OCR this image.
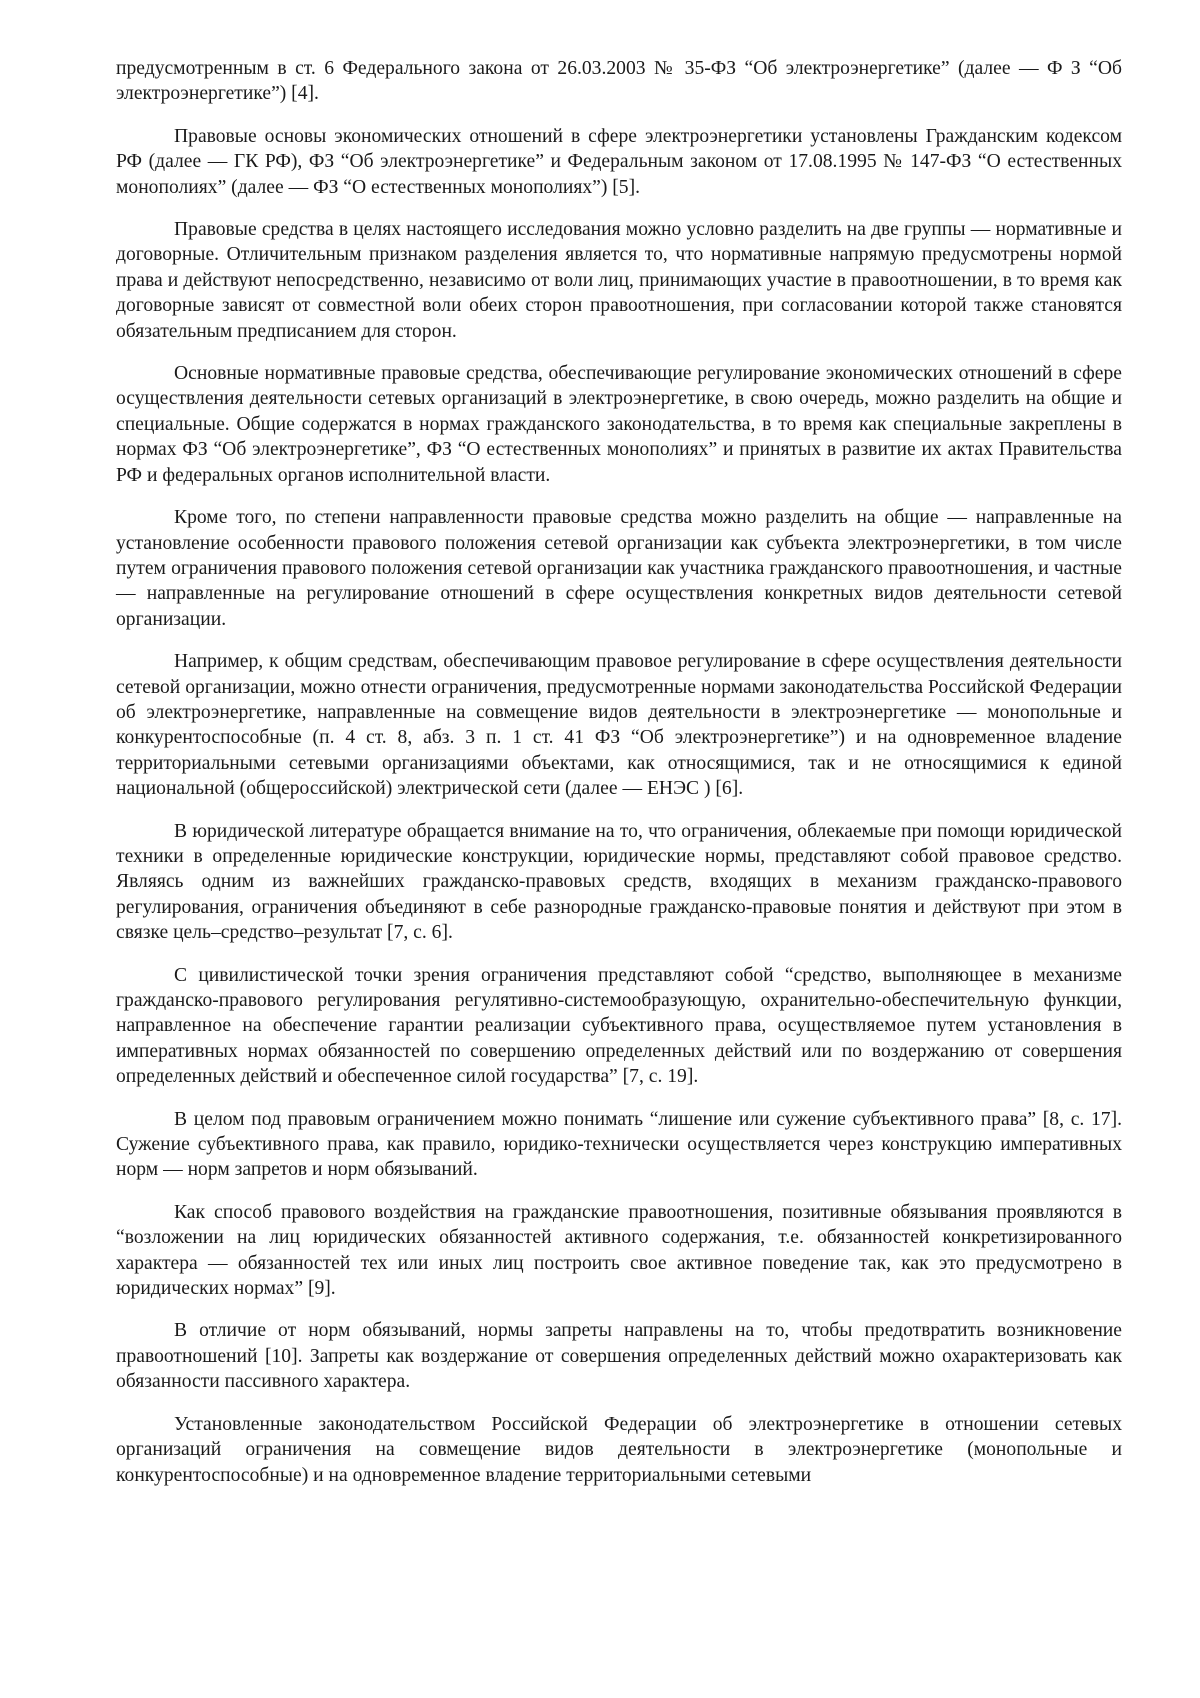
предусмотренным в ст. 6 Федерального закона от 26.03.2003 № 35-ФЗ “Об электроэнергетике” (далее — Ф З “Об электроэнергетике”) [4].

Правовые основы экономических отношений в сфере электроэнергетики установлены Гражданским кодексом РФ (далее — ГК РФ), ФЗ “Об электроэнергетике” и Федеральным законом от 17.08.1995 № 147-ФЗ “О естественных монополиях” (далее — ФЗ “О естественных монополиях”) [5].

Правовые средства в целях настоящего исследования можно условно разделить на две группы — нормативные и договорные. Отличительным признаком разделения является то, что нормативные напрямую предусмотрены нормой права и действуют непосредственно, независимо от воли лиц, принимающих участие в правоотношении, в то время как договорные зависят от совместной воли обеих сторон правоотношения, при согласовании которой также становятся обязательным предписанием для сторон.

Основные нормативные правовые средства, обеспечивающие регулирование экономических отношений в сфере осуществления деятельности сетевых организаций в электроэнергетике, в свою очередь, можно разделить на общие и специальные. Общие содержатся в нормах гражданского законодательства, в то время как специальные закреплены в нормах ФЗ “Об электроэнергетике”, ФЗ “О естественных монополиях” и принятых в развитие их актах Правительства РФ и федеральных органов исполнительной власти.

Кроме того, по степени направленности правовые средства можно разделить на общие — направленные на установление особенности правового положения сетевой организации как субъекта электроэнергетики, в том числе путем ограничения правового положения сетевой организации как участника гражданского правоотношения, и частные — направленные на регулирование отношений в сфере осуществления конкретных видов деятельности сетевой организации.

Например, к общим средствам, обеспечивающим правовое регулирование в сфере осуществления деятельности сетевой организации, можно отнести ограничения, предусмотренные нормами законодательства Российской Федерации об электроэнергетике, направленные на совмещение видов деятельности в электроэнергетике — монопольные и конкурентоспособные (п. 4 ст. 8, абз. 3 п. 1 ст. 41 ФЗ “Об электроэнергетике”) и на одновременное владение территориальными сетевыми организациями объектами, как относящимися, так и не относящимися к единой национальной (общероссийской) электрической сети (далее — ЕНЭС ) [6].

В юридической литературе обращается внимание на то, что ограничения, облекаемые при помощи юридической техники в определенные юридические конструкции, юридические нормы, представляют собой правовое средство. Являясь одним из важнейших гражданско-правовых средств, входящих в механизм гражданско-правового регулирования, ограничения объединяют в себе разнородные гражданско-правовые понятия и действуют при этом в связке цель–средство–результат [7, с. 6].

С цивилистической точки зрения ограничения представляют собой “средство, выполняющее в механизме гражданско-правового регулирования регулятивно-системообразующую, охранительно-обеспечительную функции, направленное на обеспечение гарантии реализации субъективного права, осуществляемое путем установления в императивных нормах обязанностей по совершению определенных действий или по воздержанию от совершения определенных действий и обеспеченное силой государства” [7, с. 19].

В целом под правовым ограничением можно понимать “лишение или сужение субъективного права” [8, с. 17]. Сужение субъективного права, как правило, юридико-технически осуществляется через конструкцию императивных норм — норм запретов и норм обязываний.

Как способ правового воздействия на гражданские правоотношения, позитивные обязывания проявляются в “возложении на лиц юридических обязанностей активного содержания, т.е. обязанностей конкретизированного характера — обязанностей тех или иных лиц построить свое активное поведение так, как это предусмотрено в юридических нормах” [9].

В отличие от норм обязываний, нормы запреты направлены на то, чтобы предотвратить возникновение правоотношений [10]. Запреты как воздержание от совершения определенных действий можно охарактеризовать как обязанности пассивного характера.

Установленные законодательством Российской Федерации об электроэнергетике в отношении сетевых организаций ограничения на совмещение видов деятельности в электроэнергетике (монопольные и конкурентоспособные) и на одновременное владение территориальными сетевыми
